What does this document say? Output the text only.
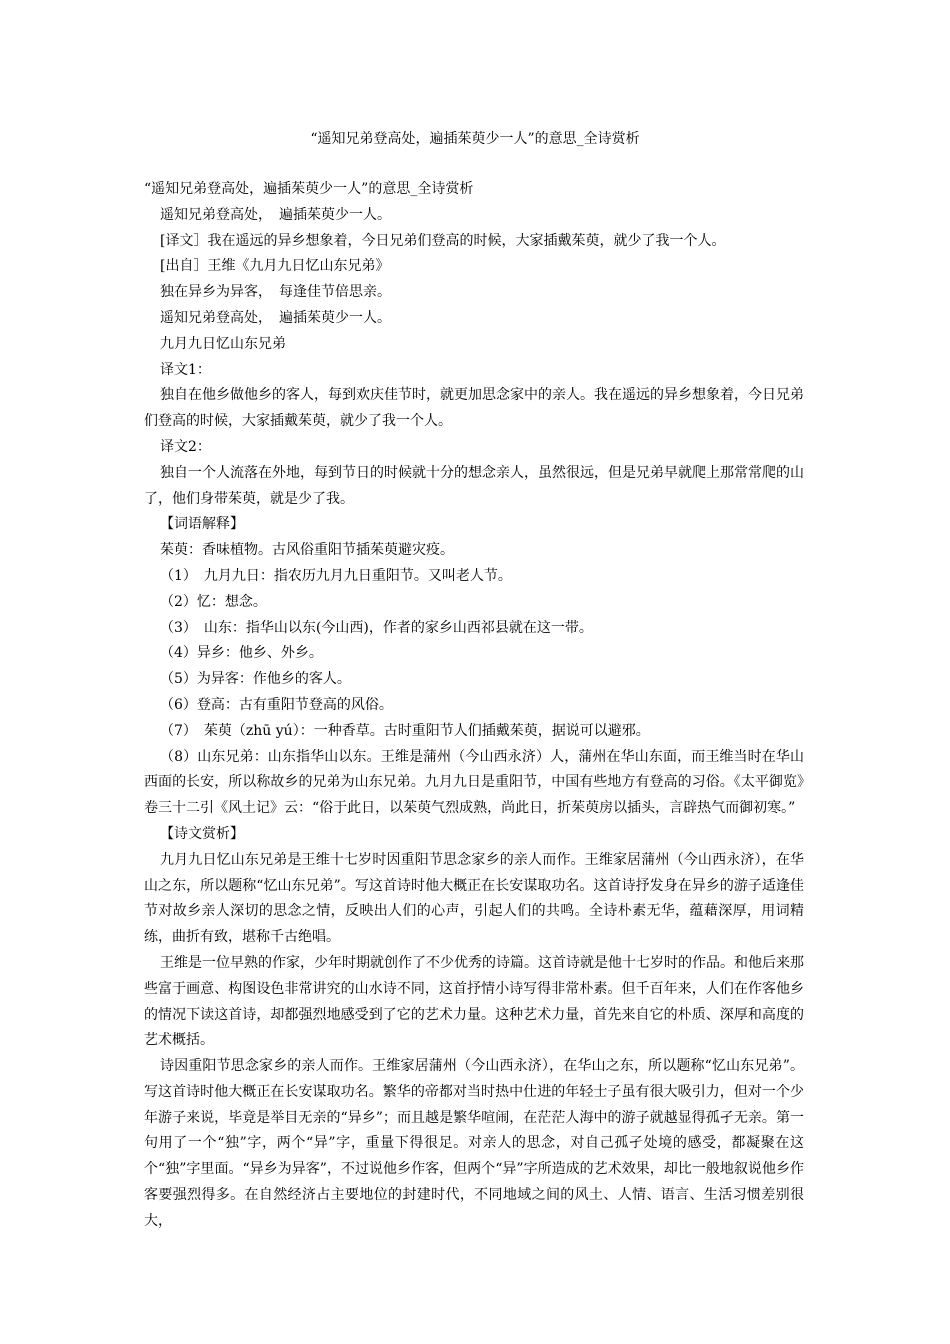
“遥知兄弟登高处，遍插茱萸少一人”的意思_全诗赏析

“遥知兄弟登高处，遍插茱萸少一人”的意思_全诗赏析

遥知兄弟登高处，　遍插茱萸少一人。

[译文］我在遥远的异乡想象着，今日兄弟们登高的时候，大家插戴茱萸，就少了我一个人。

[出自］王维《九月九日忆山东兄弟》

独在异乡为异客，　每逢佳节倍思亲。

遥知兄弟登高处，　遍插茱萸少一人。

九月九日忆山东兄弟

译文1：

独自在他乡做他乡的客人，每到欢庆佳节时，就更加思念家中的亲人。我在遥远的异乡想象着，今日兄弟们登高的时候，大家插戴茱萸，就少了我一个人。

译文2：

独自一个人流落在外地，每到节日的时候就十分的想念亲人，虽然很远，但是兄弟早就爬上那常常爬的山了，他们身带茱萸，就是少了我。

【词语解释】

茱萸：香味植物。古风俗重阳节插茱萸避灾疫。

（1）　九月九日：指农历九月九日重阳节。又叫老人节。

（2）忆：想念。

（3）　山东：指华山以东(今山西)，作者的家乡山西祁县就在这一带。

（4）异乡：他乡、外乡。

（5）为异客：作他乡的客人。

（6）登高：古有重阳节登高的风俗。

（7）　茱萸（zhū yú）：一种香草。古时重阳节人们插戴茱萸，据说可以避邪。

（8）山东兄弟：山东指华山以东。王维是蒲州（今山西永济）人，蒲州在华山东面，而王维当时在华山西面的长安，所以称故乡的兄弟为山东兄弟。九月九日是重阳节，中国有些地方有登高的习俗。《太平御览》卷三十二引《风土记》云：“俗于此日，以茱萸气烈成熟，尚此日，折茱萸房以插头，言辟热气而御初寒。”

【诗文赏析】

九月九日忆山东兄弟是王维十七岁时因重阳节思念家乡的亲人而作。王维家居蒲州（今山西永济），在华山之东，所以题称“忆山东兄弟”。写这首诗时他大概正在长安谋取功名。这首诗抒发身在异乡的游子适逢佳节对故乡亲人深切的思念之情，反映出人们的心声，引起人们的共鸣。全诗朴素无华，蕴藉深厚，用词精练，曲折有致，堪称千古绝唱。

王维是一位早熟的作家，少年时期就创作了不少优秀的诗篇。这首诗就是他十七岁时的作品。和他后来那些富于画意、构图设色非常讲究的山水诗不同，这首抒情小诗写得非常朴素。但千百年来，人们在作客他乡的情况下读这首诗，却都强烈地感受到了它的艺术力量。这种艺术力量，首先来自它的朴质、深厚和高度的艺术概括。

诗因重阳节思念家乡的亲人而作。王维家居蒲州（今山西永济），在华山之东，所以题称“忆山东兄弟”。写这首诗时他大概正在长安谋取功名。繁华的帝都对当时热中仕进的年轻士子虽有很大吸引力，但对一个少年游子来说，毕竟是举目无亲的“异乡”；而且越是繁华喧闹，在茫茫人海中的游子就越显得孤孑无亲。第一句用了一个“独”字，两个“异”字，重量下得很足。对亲人的思念，对自己孤孑处境的感受，都凝聚在这个“独”字里面。“异乡为异客”，不过说他乡作客，但两个“异”字所造成的艺术效果，却比一般地叙说他乡作客要强烈得多。在自然经济占主要地位的封建时代，不同地域之间的风土、人情、语言、生活习惯差别很大，
